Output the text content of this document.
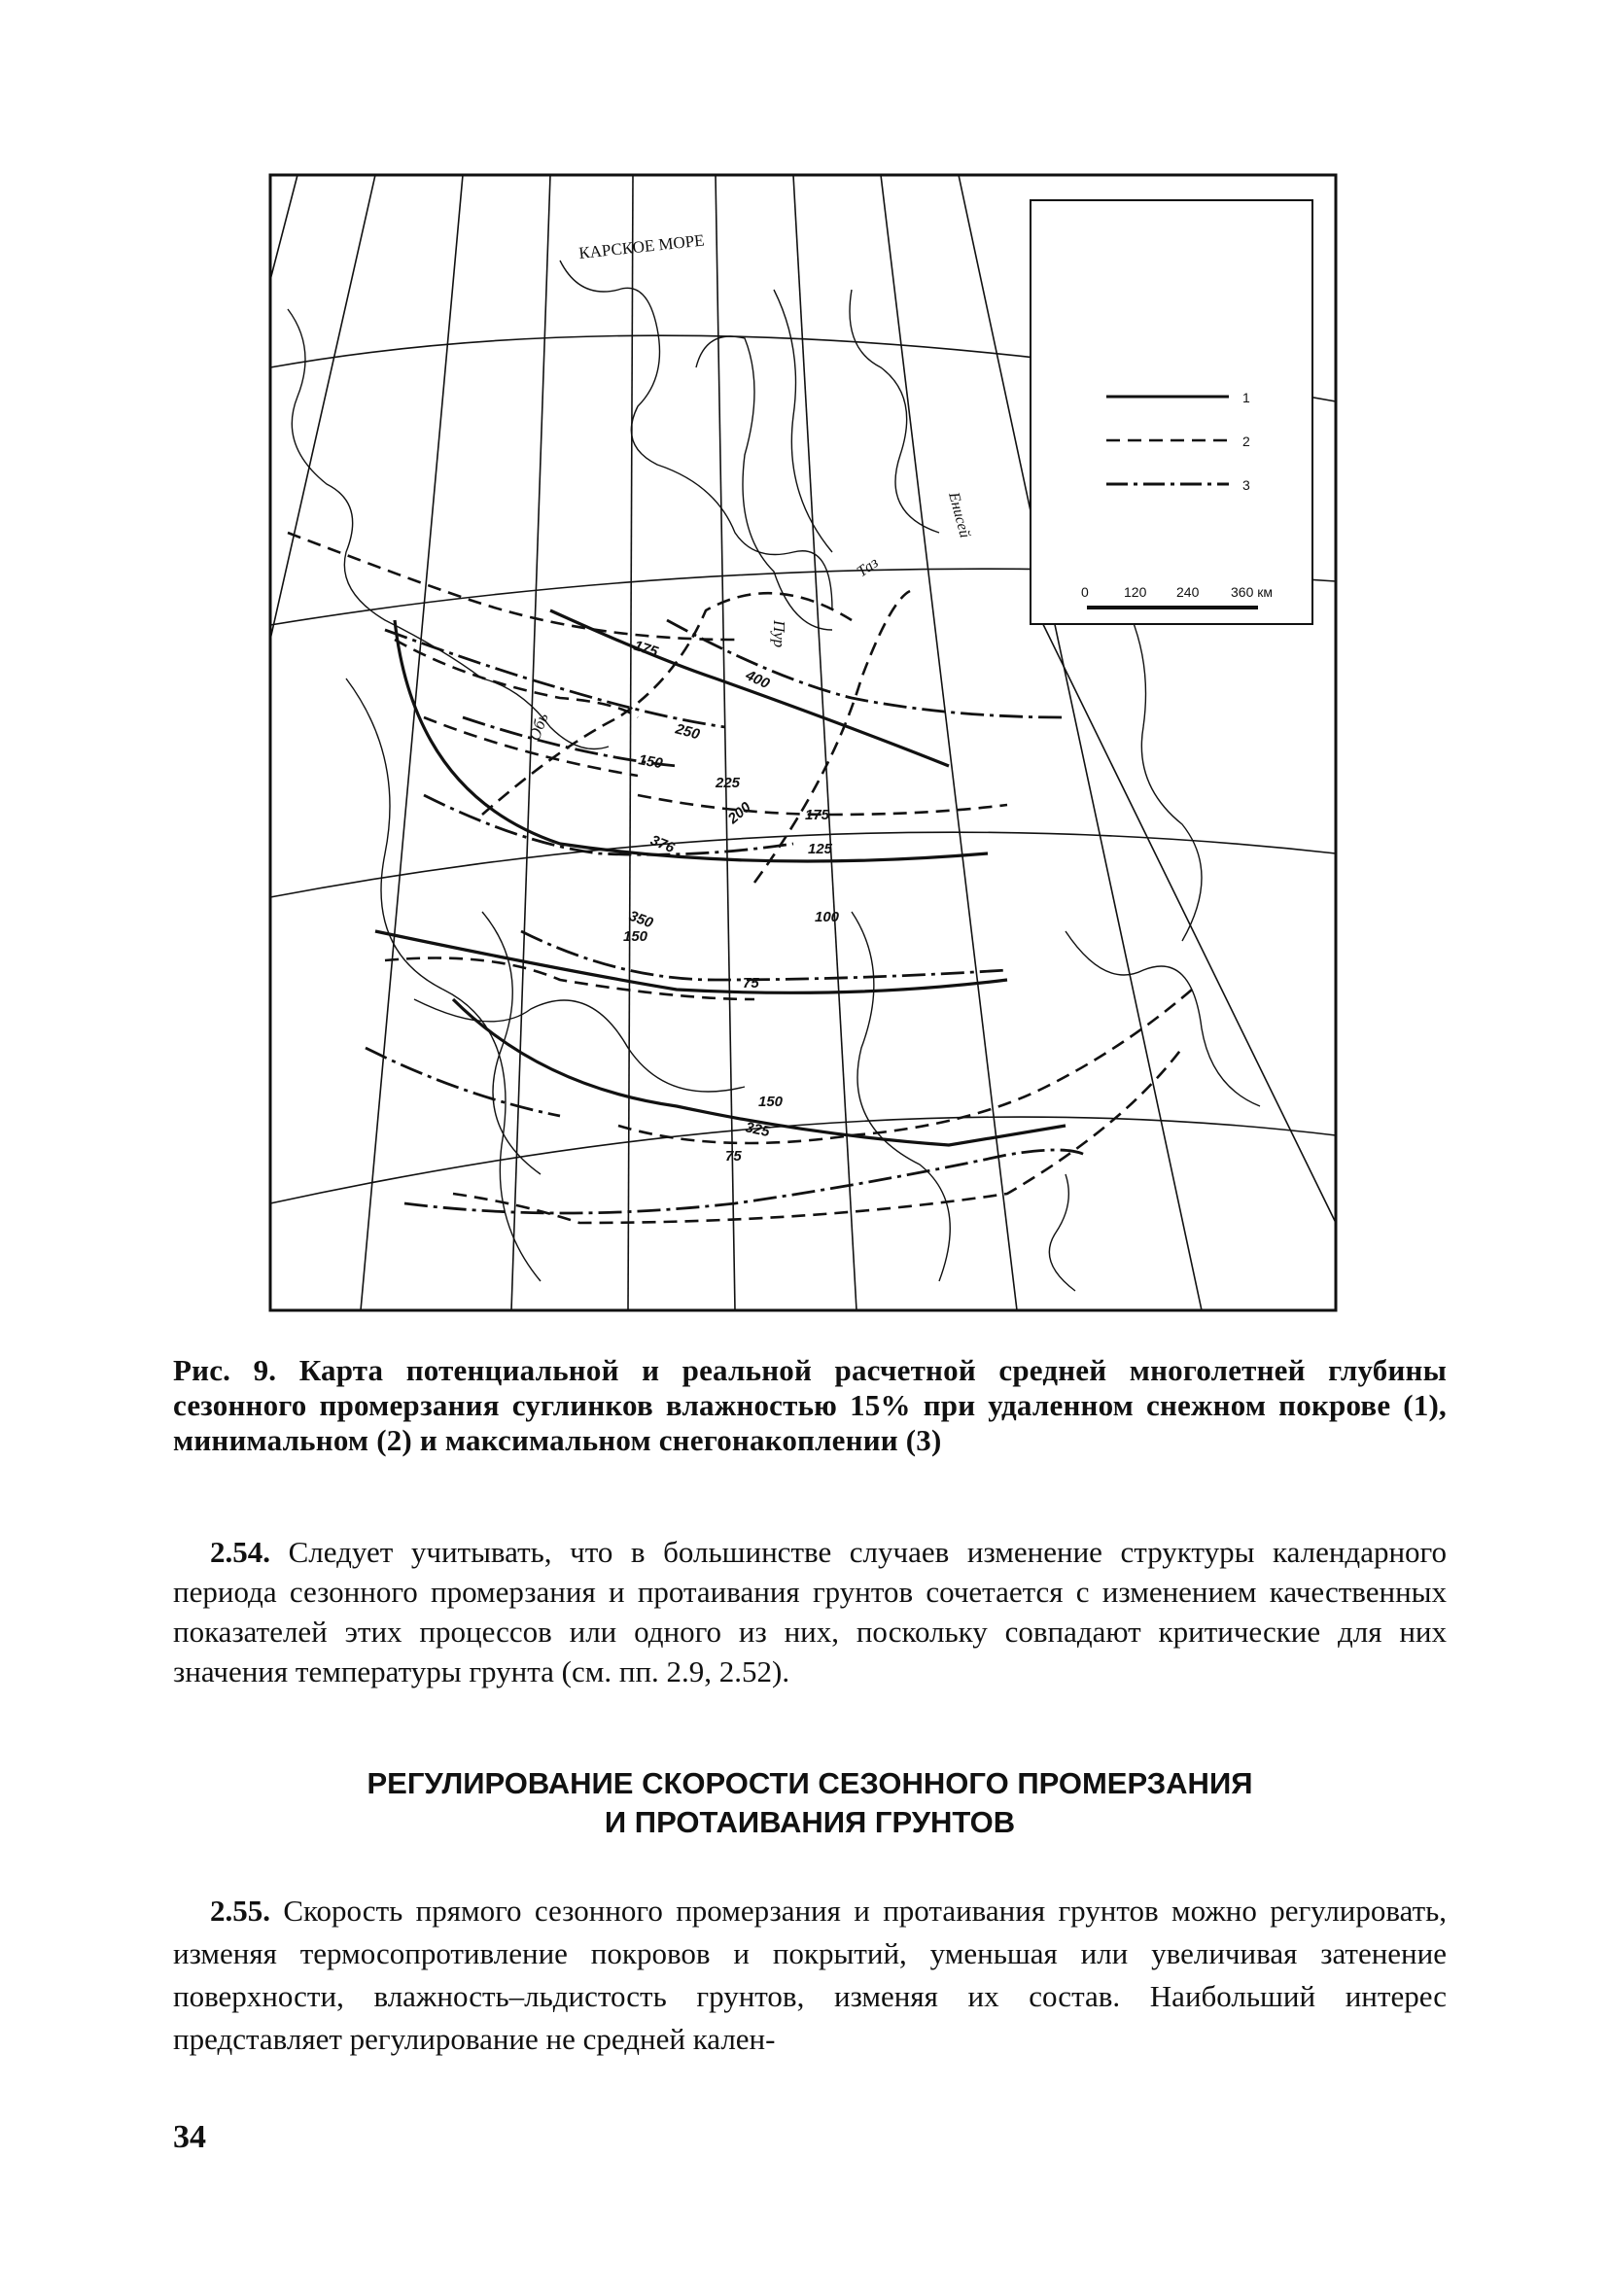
1
2
3
0	120 240 360 км
КАРСКОЕ МОРЕ
Енисей
Таз
Пур
Обь
175
400
250
150
225
200	175
376	125
350
150
100
75
150
325
75
Рис. 9. Карта потенциальной и реальной расчетной средней многолетней глубины сезонного промерзания суглинков влажностью 15% при удаленном снежном покрове (1), минимальном (2) и максимальном снегонакоплении (3)
2.54. Следует учитывать, что в большинстве случаев изменение структуры календарного периода сезонного промерзания и протаивания грунтов сочетается с изменением качественных показателей этих процессов или одного из них, поскольку совпадают критические для них значения температуры грунта (см. пп. 2.9, 2.52).
РЕГУЛИРОВАНИЕ СКОРОСТИ СЕЗОННОГО ПРОМЕРЗАНИЯ
И ПРОТАИВАНИЯ ГРУНТОВ
2.55. Скорость прямого сезонного промерзания и протаивания грунтов можно регулировать, изменяя термосопротивление покровов и покрытий, уменьшая или увеличивая затенение поверхности, влажность–льдистость грунтов, изменяя их состав. Наибольший интерес представляет регулирование не средней кален-
34
